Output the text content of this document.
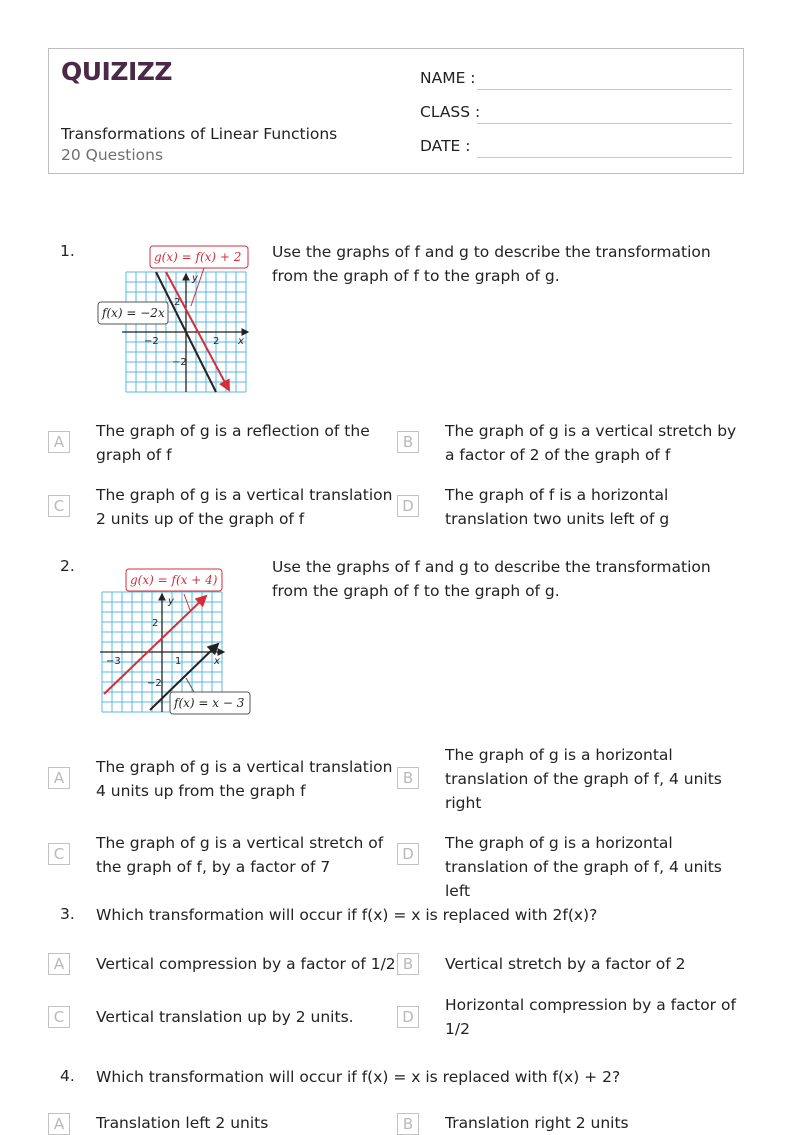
QUIZIZZ
Transformations of Linear Functions
20 Questions
NAME :
CLASS :
DATE :
1.	Use the graphs of f and g to describe the transformation from the graph of f to the graph of g.
g(x) = f(x) + 2
f(x) = −2x
−2
2
2
−2
x
y
A
The graph of g is a reflection of the graph of f
B
The graph of g is a vertical stretch by a factor of 2 of the graph of f
C
The graph of g is a vertical translation 2 units up of the graph of f
D
The graph of f is a horizontal translation two units left of g
2.	Use the graphs of f and g to describe the transformation from the graph of f to the graph of g.
g(x) = f(x + 4)
f(x) = x − 3
2
−3	1
−2
x
y
A
The graph of g is a vertical translation 4 units up from the graph f
B
The graph of g is a horizontal translation of the graph of f, 4 units right
C
The graph of g is a vertical stretch of the graph of f, by a factor of 7
D
The graph of g is a horizontal translation of the graph of f, 4 units left
3. Which transformation will occur if f(x) = x is replaced with 2f(x)?
A	Vertical compression by a factor of 1/2 B	Vertical stretch by a factor of 2
C	Vertical translation up by 2 units.	D
Horizontal compression by a factor of 1/2
4. Which transformation will occur if f(x) = x is replaced with f(x) + 2?
A	Translation left 2 units	B	Translation right 2 units
